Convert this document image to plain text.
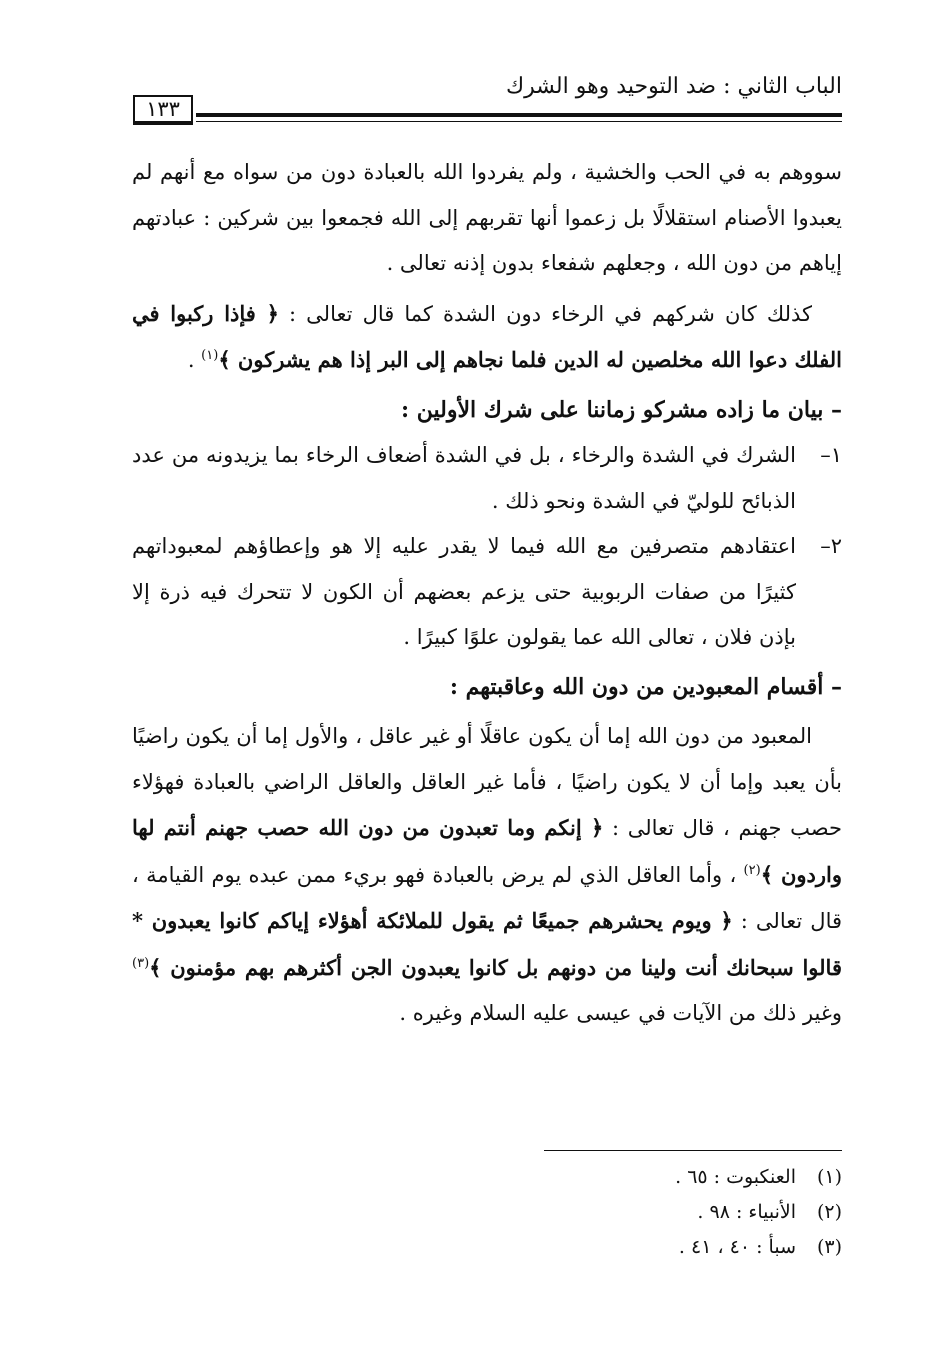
الباب الثاني : ضد التوحيد وهو الشرك
١٣٣

سووهم به في الحب والخشية ، ولم يفردوا الله بالعبادة دون من سواه مع أنهم لم يعبدوا الأصنام استقلالًا بل زعموا أنها تقربهم إلى الله فجمعوا بين شركين : عبادتهم إياهم من دون الله ، وجعلهم شفعاء بدون إذنه تعالى .

كذلك كان شركهم في الرخاء دون الشدة كما قال تعالى : ﴿ فإذا ركبوا في الفلك دعوا الله مخلصين له الدين فلما نجاهم إلى البر إذا هم يشركون ﴾$^{(١)}$ .

– بيان ما زاده مشركو زماننا على شرك الأولين :

١–
الشرك في الشدة والرخاء ، بل في الشدة أضعاف الرخاء بما يزيدونه من عدد الذبائح للوليّ في الشدة ونحو ذلك .
٢–
اعتقادهم متصرفين مع الله فيما لا يقدر عليه إلا هو وإعطاؤهم لمعبوداتهم كثيرًا من صفات الربوبية حتى يزعم بعضهم أن الكون لا تتحرك فيه ذرة إلا بإذن فلان ، تعالى الله عما يقولون علوًا كبيرًا .

– أقسام المعبودين من دون الله وعاقبتهم :

المعبود من دون الله إما أن يكون عاقلًا أو غير عاقل ، والأول إما أن يكون راضيًا بأن يعبد وإما أن لا يكون راضيًا ، فأما غير العاقل والعاقل الراضي بالعبادة فهؤلاء حصب جهنم ، قال تعالى : ﴿ إنكم وما تعبدون من دون الله حصب جهنم أنتم لها واردون ﴾$^{(٢)}$ ، وأما العاقل الذي لم يرض بالعبادة فهو بريء ممن عبده يوم القيامة ، قال تعالى : ﴿ ويوم يحشرهم جميعًا ثم يقول للملائكة أهؤلاء إياكم كانوا يعبدون * قالوا سبحانك أنت ولينا من دونهم بل كانوا يعبدون الجن أكثرهم بهم مؤمنون ﴾$^{(٣)}$ وغير ذلك من الآيات في عيسى عليه السلام وغيره .

(١)العنكبوت : ٦٥ .
(٢)الأنبياء : ٩٨ .
(٣)سبأ : ٤٠ ، ٤١ .
